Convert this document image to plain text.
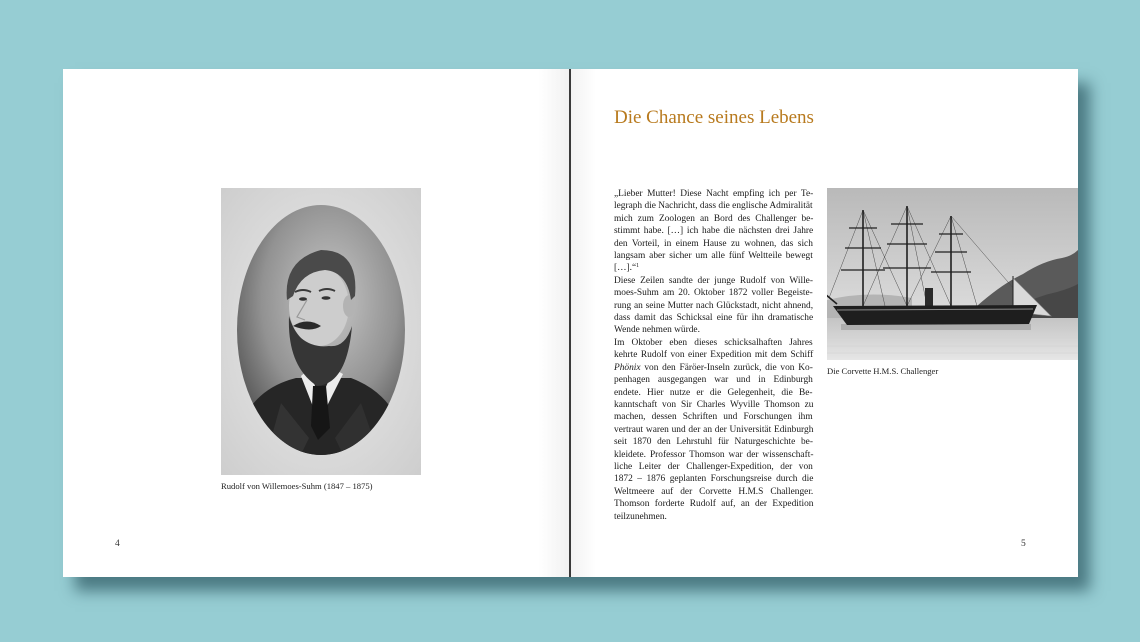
Rudolf von Willemoes-Suhm (1847 – 1875)
4
Die Chance seines Lebens
„Lieber Mutter! Diese Nacht empfing ich per Te-
legraph die Nachricht, dass die englische Admiralität
mich zum Zoologen an Bord des Challenger be-
stimmt habe. […] ich habe die nächsten drei Jahre
den Vorteil, in einem Hause zu wohnen, das sich
langsam aber sicher um alle fünf Weltteile bewegt
[…].“$^1$
Diese Zeilen sandte der junge Rudolf von Wille-
moes-Suhm am 20. Oktober 1872 voller Begeiste-
rung an seine Mutter nach Glückstadt, nicht ahnend,
dass damit das Schicksal eine für ihn dramatische
Wende nehmen würde.
Im Oktober eben dieses schicksalhaften Jahres
kehrte Rudolf von einer Expedition mit dem Schiff
Phönix von den Färöer-Inseln zurück, die von Ko-
penhagen ausgegangen war und in Edinburgh
endete. Hier nutze er die Gelegenheit, die Be-
kanntschaft von Sir Charles Wyville Thomson zu
machen, dessen Schriften und Forschungen ihm
vertraut waren und der an der Universität Edinburgh
seit 1870 den Lehrstuhl für Naturgeschichte be-
kleidete. Professor Thomson war der wissenschaft-
liche Leiter der Challenger-Expedition, der von
1872 – 1876 geplanten Forschungsreise durch die
Weltmeere auf der Corvette H.M.S Challenger.
Thomson forderte Rudolf auf, an der Expedition
teilzunehmen.
Die Corvette H.M.S. Challenger
5
